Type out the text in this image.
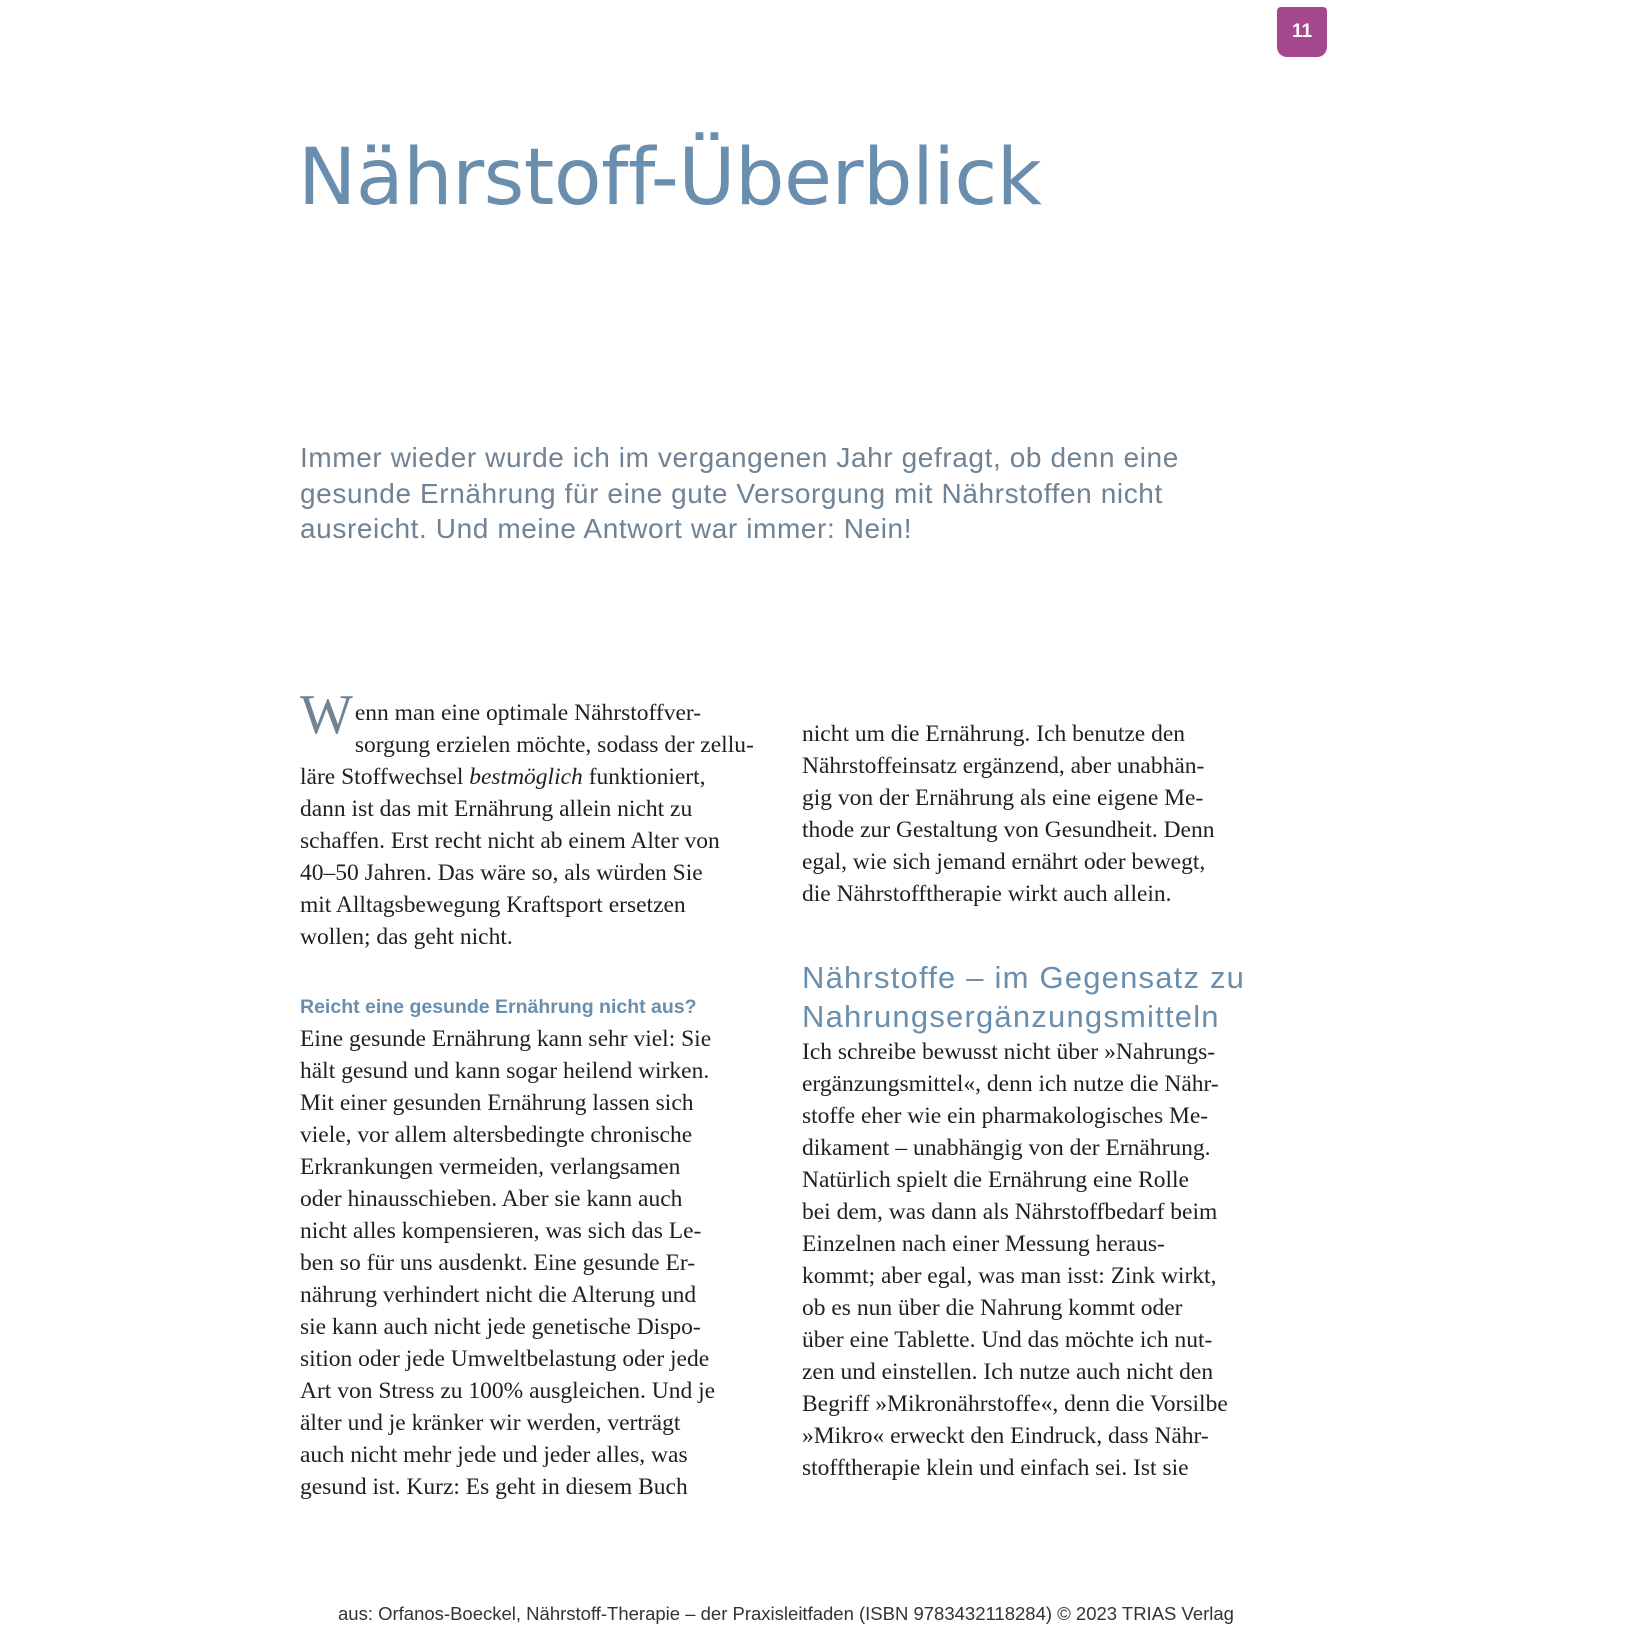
11
Nährstoff-Überblick

Immer wieder wurde ich im vergangenen Jahr gefragt, ob denn eine
gesunde Ernährung für eine gute Versorgung mit Nährstoffen nicht
ausreicht. Und meine Antwort war immer: Nein!

W enn man eine optimale Nährstoffver-
sorgung erzielen möchte, sodass der zellu-
läre Stoffwechsel bestmöglich funktioniert,
dann ist das mit Ernährung allein nicht zu
schaffen. Erst recht nicht ab einem Alter von
40–50 Jahren. Das wäre so, als würden Sie
mit Alltagsbewegung Kraftsport ersetzen
wollen; das geht nicht.

Reicht eine gesunde Ernährung nicht aus?

Eine gesunde Ernährung kann sehr viel: Sie
hält gesund und kann sogar heilend wirken.
Mit einer gesunden Ernährung lassen sich
viele, vor allem altersbedingte chronische
Erkrankungen vermeiden, verlangsamen
oder hinausschieben. Aber sie kann auch
nicht alles kompensieren, was sich das Le-
ben so für uns ausdenkt. Eine gesunde Er-
nährung verhindert nicht die Alterung und
sie kann auch nicht jede genetische Dispo-
sition oder jede Umweltbelastung oder jede
Art von Stress zu 100% ausgleichen. Und je
älter und je kränker wir werden, verträgt
auch nicht mehr jede und jeder alles, was
gesund ist. Kurz: Es geht in diesem Buch

nicht um die Ernährung. Ich benutze den
Nährstoffeinsatz ergänzend, aber unabhän-
gig von der Ernährung als eine eigene Me-
thode zur Gestaltung von Gesundheit. Denn
egal, wie sich jemand ernährt oder bewegt,
die Nährstofftherapie wirkt auch allein.

Nährstoffe – im Gegensatz zu
Nahrungsergänzungsmitteln

Ich schreibe bewusst nicht über »Nahrungs-
ergänzungsmittel«, denn ich nutze die Nähr-
stoffe eher wie ein pharmakologisches Me-
dikament – unabhängig von der Ernährung.
Natürlich spielt die Ernährung eine Rolle
bei dem, was dann als Nährstoffbedarf beim
Einzelnen nach einer Messung heraus-
kommt; aber egal, was man isst: Zink wirkt,
ob es nun über die Nahrung kommt oder
über eine Tablette. Und das möchte ich nut-
zen und einstellen. Ich nutze auch nicht den
Begriff »Mikronährstoffe«, denn die Vorsilbe
»Mikro« erweckt den Eindruck, dass Nähr-
stofftherapie klein und einfach sei. Ist sie

aus: Orfanos-Boeckel, Nährstoff-Therapie – der Praxisleitfaden (ISBN 9783432118284) © 2023 TRIAS Verlag
